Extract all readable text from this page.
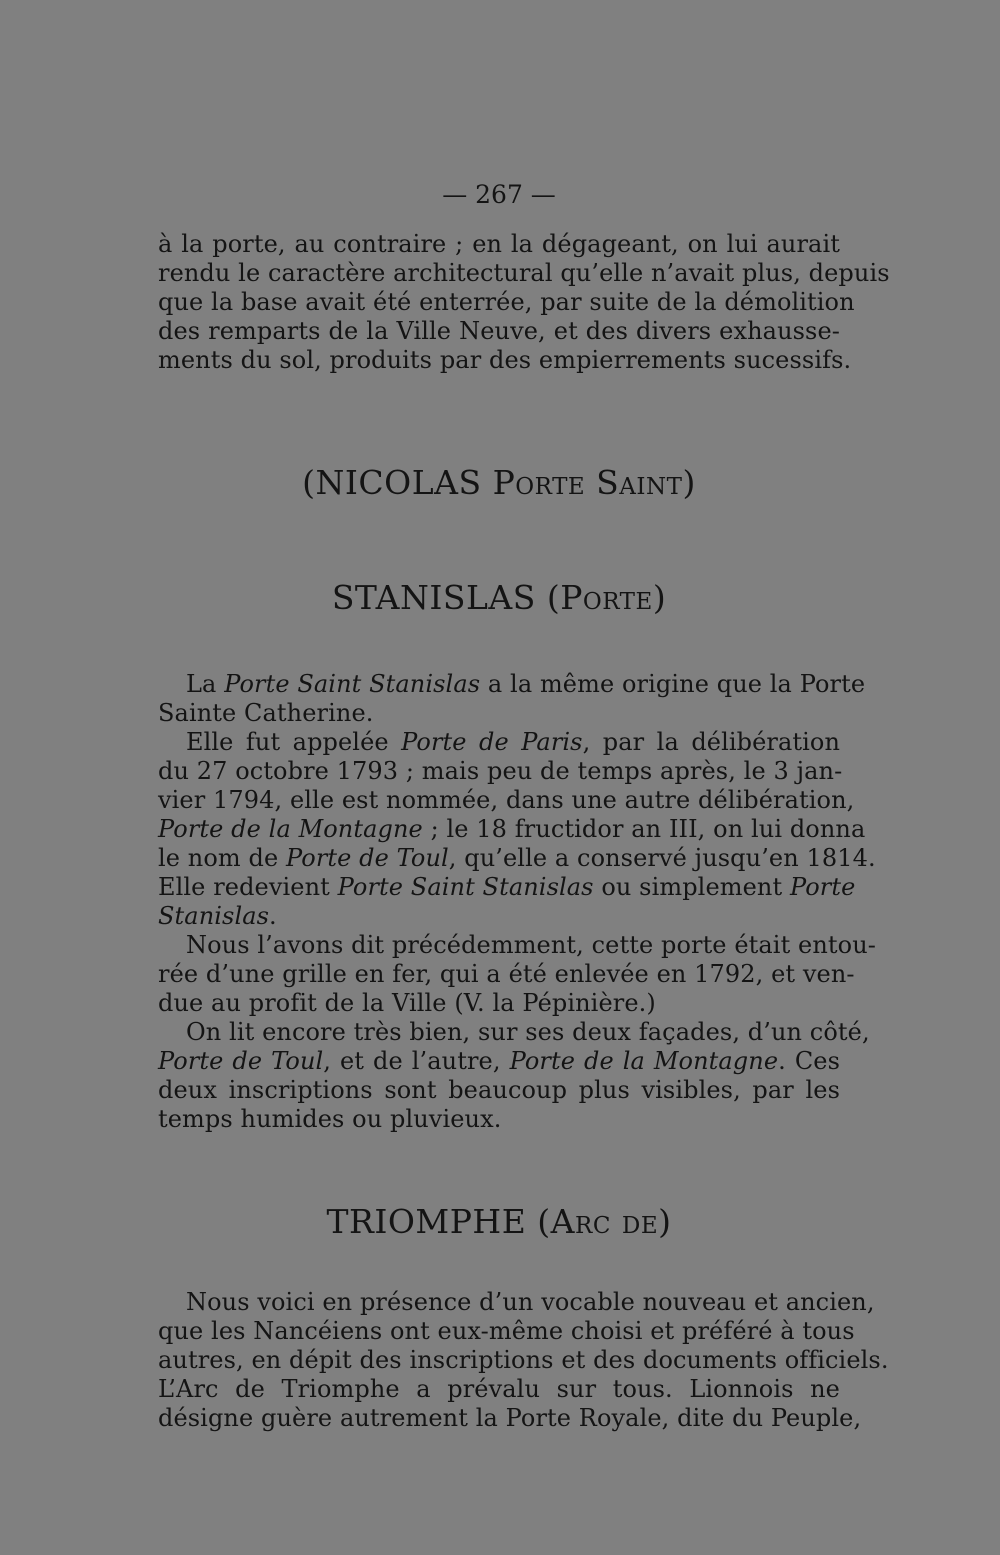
— 267 —
à la porte, au contraire ; en la dégageant, on lui aurait
rendu le caractère architectural qu’elle n’avait plus, depuis
que la base avait été enterrée, par suite de la démolition
des remparts de la Ville Neuve, et des divers exhausse-
ments du sol, produits par des empierrements sucessifs.
(NICOLAS Porte Saint)
STANISLAS (Porte)
La Porte Saint Stanislas a la même origine que la Porte
Sainte Catherine.
Elle fut appelée Porte de Paris, par la délibération
du 27 octobre 1793 ; mais peu de temps après, le 3 jan-
vier 1794, elle est nommée, dans une autre délibération,
Porte de la Montagne ; le 18 fructidor an III, on lui donna
le nom de Porte de Toul, qu’elle a conservé jusqu’en 1814.
Elle redevient Porte Saint Stanislas ou simplement Porte
Stanislas.
Nous l’avons dit précédemment, cette porte était entou-
rée d’une grille en fer, qui a été enlevée en 1792, et ven-
due au profit de la Ville (V. la Pépinière.)
On lit encore très bien, sur ses deux façades, d’un côté,
Porte de Toul, et de l’autre, Porte de la Montagne. Ces
deux inscriptions sont beaucoup plus visibles, par les
temps humides ou pluvieux.
TRIOMPHE (Arc de)
Nous voici en présence d’un vocable nouveau et ancien,
que les Nancéiens ont eux-même choisi et préféré à tous
autres, en dépit des inscriptions et des documents officiels.
L’Arc de Triomphe a prévalu sur tous. Lionnois ne
désigne guère autrement la Porte Royale, dite du Peuple,
